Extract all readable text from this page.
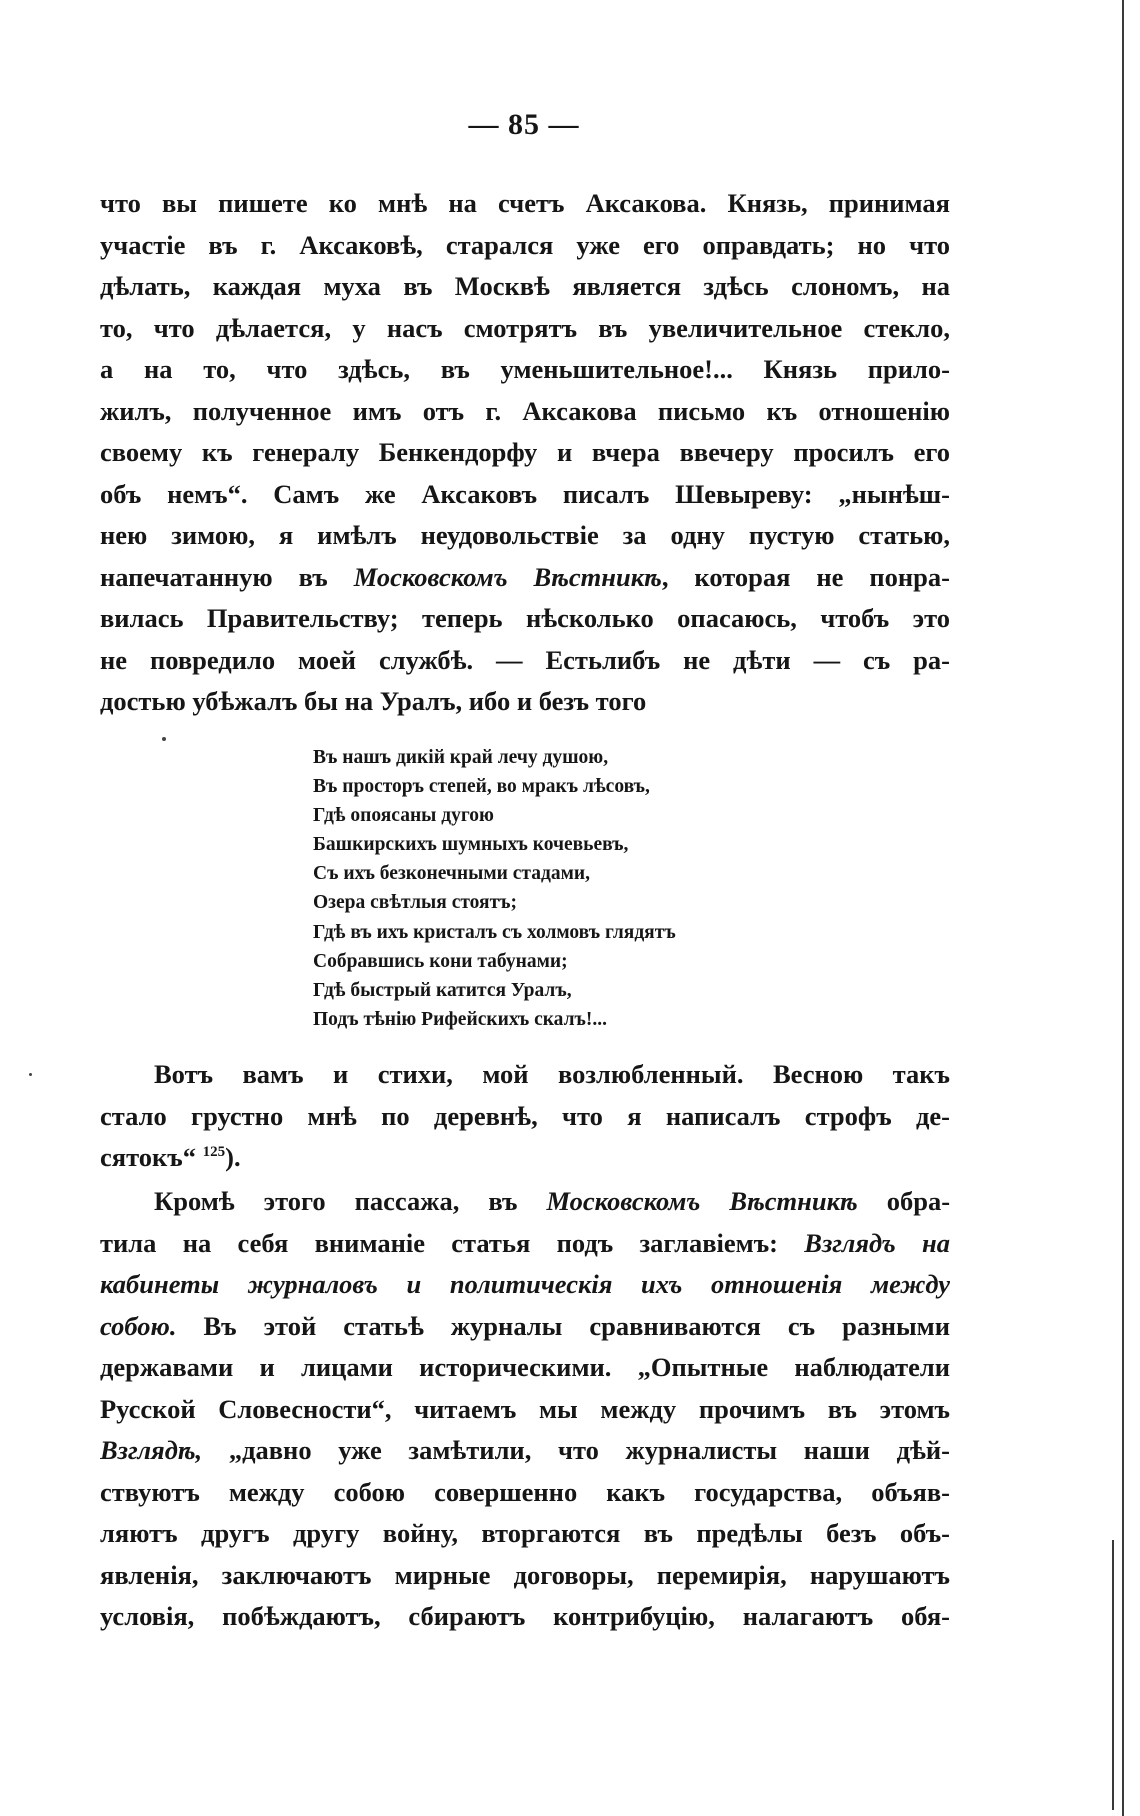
— 85 —
что вы пишете ко мнѣ на счетъ Аксакова. Князь, принимая
участіе въ г. Аксаковѣ, старался уже его оправдать; но что
дѣлать, каждая муха въ Москвѣ является здѣсь слономъ, на
то, что дѣлается, у насъ смотрятъ въ увеличительное стекло,
а на то, что здѣсь, въ уменьшительное!... Князь прило-
жилъ, полученное имъ отъ г. Аксакова письмо къ отношенію
своему къ генералу Бенкендорфу и вчера ввечеру просилъ его
объ немъ“. Самъ же Аксаковъ писалъ Шевыреву: „нынѣш-
нею зимою, я имѣлъ неудовольствіе за одну пустую статью,
напечатанную въ Московскомъ Вѣстникѣ, которая не понра-
вилась Правительству; теперь нѣсколько опасаюсь, чтобъ это
не повредило моей службѣ. — Естьлибъ не дѣти — съ ра-
достью убѣжалъ бы на Уралъ, ибо и безъ того
Въ нашъ дикій край лечу душою,
Въ просторъ степей, во мракъ лѣсовъ,
Гдѣ опоясаны дугою
Башкирскихъ шумныхъ кочевьевъ,
Съ ихъ безконечными стадами,
Озера свѣтлыя стоятъ;
Гдѣ въ ихъ кристалъ съ холмовъ глядятъ
Собравшись кони табунами;
Гдѣ быстрый катится Уралъ,
Подъ тѣнію Рифейскихъ скалъ!...
Вотъ вамъ и стихи, мой возлюбленный. Весною такъ
стало грустно мнѣ по деревнѣ, что я написалъ строфъ де-
сятокъ“ $^{125}$).
Кромѣ этого пассажа, въ Московскомъ Вѣстникѣ обра-
тила на себя вниманіе статья подъ заглавіемъ: Взглядъ на
кабинеты журналовъ и политическія ихъ отношенія между
собою. Въ этой статьѣ журналы сравниваются съ разными
державами и лицами историческими. „Опытные наблюдатели
Русской Словесности“, читаемъ мы между прочимъ въ этомъ
Взглядѣ, „давно уже замѣтили, что журналисты наши дѣй-
ствуютъ между собою совершенно какъ государства, объяв-
ляютъ другъ другу войну, вторгаются въ предѣлы безъ объ-
явленія, заключаютъ мирные договоры, перемирія, нарушаютъ
условія, побѣждаютъ, сбираютъ контрибуцію, налагаютъ обя-
